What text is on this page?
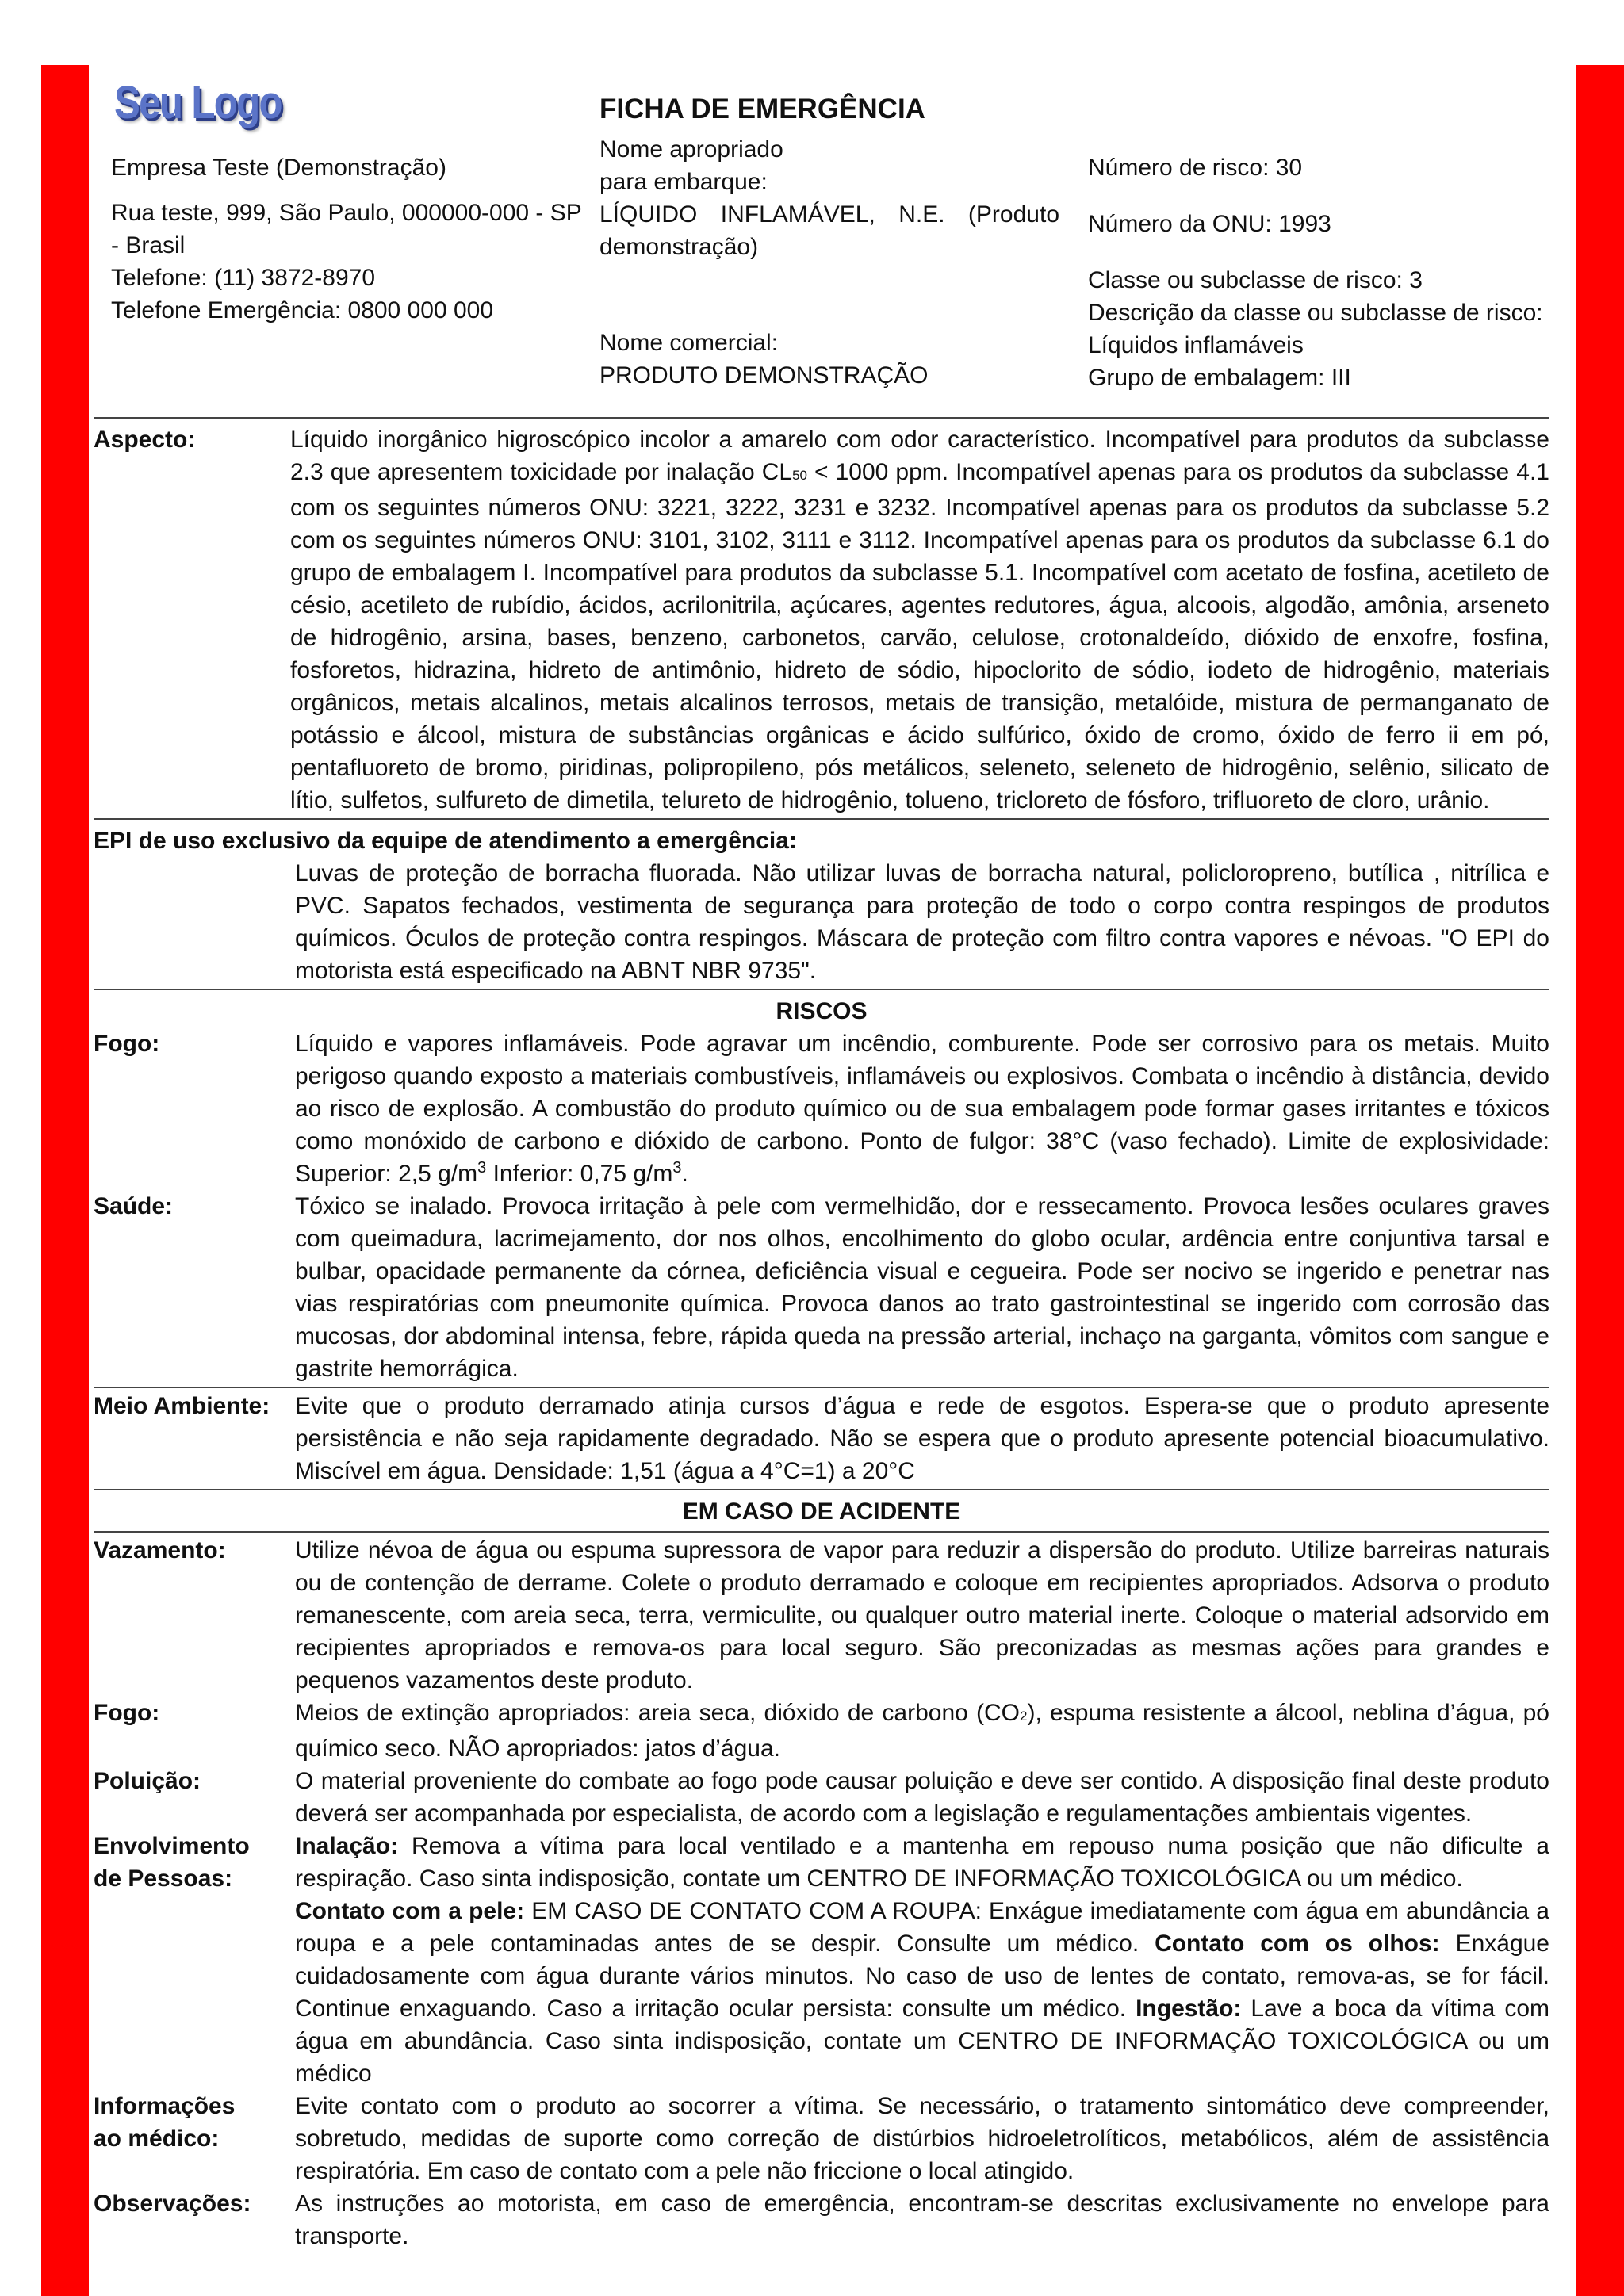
Seu Logo
Empresa Teste (Demonstração)
Rua teste, 999, São Paulo, 000000-000 - SP - Brasil
Telefone: (11) 3872-8970
Telefone Emergência: 0800 000 000
FICHA DE EMERGÊNCIA
Nome apropriado para embarque:
LÍQUIDO INFLAMÁVEL, N.E. (Produto demonstração)
Nome comercial:
PRODUTO DEMONSTRAÇÃO
Número de risco: 30
Número da ONU: 1993
Classe ou subclasse de risco: 3
Descrição da classe ou subclasse de risco: Líquidos inflamáveis
Grupo de embalagem: III
Aspecto:	Líquido inorgânico higroscópico incolor a amarelo com odor característico. Incompatível para produtos da subclasse 2.3 que apresentem toxicidade por inalação CL50 < 1000 ppm. Incompatível apenas para os produtos da subclasse 4.1 com os seguintes números ONU: 3221, 3222, 3231 e 3232. Incompatível apenas para os produtos da subclasse 5.2 com os seguintes números ONU: 3101, 3102, 3111 e 3112. Incompatível apenas para os produtos da subclasse 6.1 do grupo de embalagem I. Incompatível para produtos da subclasse 5.1. Incompatível com acetato de fosfina, acetileto de césio, acetileto de rubídio, ácidos, acrilonitrila, açúcares, agentes redutores, água, alcoois, algodão, amônia, arseneto de hidrogênio, arsina, bases, benzeno, carbonetos, carvão, celulose, crotonaldeído, dióxido de enxofre, fosfina, fosforetos, hidrazina, hidreto de antimônio, hidreto de sódio, hipoclorito de sódio, iodeto de hidrogênio, materiais orgânicos, metais alcalinos, metais alcalinos terrosos, metais de transição, metalóide, mistura de permanganato de potássio e álcool, mistura de substâncias orgânicas e ácido sulfúrico, óxido de cromo, óxido de ferro ii em pó, pentafluoreto de bromo, piridinas, polipropileno, pós metálicos, seleneto, seleneto de hidrogênio, selênio, silicato de lítio, sulfetos, sulfureto de dimetila, telureto de hidrogênio, tolueno, tricloreto de fósforo, trifluoreto de cloro, urânio.
EPI de uso exclusivo da equipe de atendimento a emergência:
Luvas de proteção de borracha fluorada. Não utilizar luvas de borracha natural, policloropreno, butílica , nitrílica e PVC. Sapatos fechados, vestimenta de segurança para proteção de todo o corpo contra respingos de produtos químicos. Óculos de proteção contra respingos. Máscara de proteção com filtro contra vapores e névoas. "O EPI do motorista está especificado na ABNT NBR 9735".
RISCOS
Fogo:	Líquido e vapores inflamáveis. Pode agravar um incêndio, comburente. Pode ser corrosivo para os metais. Muito perigoso quando exposto a materiais combustíveis, inflamáveis ou explosivos. Combata o incêndio à distância, devido ao risco de explosão. A combustão do produto químico ou de sua embalagem pode formar gases irritantes e tóxicos como monóxido de carbono e dióxido de carbono. Ponto de fulgor: 38°C (vaso fechado). Limite de explosividade: Superior: 2,5 $g/m^3$ Inferior: 0,75 $g/m^3$.
Saúde:	Tóxico se inalado. Provoca irritação à pele com vermelhidão, dor e ressecamento. Provoca lesões oculares graves com queimadura, lacrimejamento, dor nos olhos, encolhimento do globo ocular, ardência entre conjuntiva tarsal e bulbar, opacidade permanente da córnea, deficiência visual e cegueira. Pode ser nocivo se ingerido e penetrar nas vias respiratórias com pneumonite química. Provoca danos ao trato gastrointestinal se ingerido com corrosão das mucosas, dor abdominal intensa, febre, rápida queda na pressão arterial, inchaço na garganta, vômitos com sangue e gastrite hemorrágica.
Meio Ambiente:	Evite que o produto derramado atinja cursos d’água e rede de esgotos. Espera-se que o produto apresente persistência e não seja rapidamente degradado. Não se espera que o produto apresente potencial bioacumulativo. Miscível em água. Densidade: 1,51 (água a 4°C=1) a 20°C
EM CASO DE ACIDENTE
Vazamento:	Utilize névoa de água ou espuma supressora de vapor para reduzir a dispersão do produto. Utilize barreiras naturais ou de contenção de derrame. Colete o produto derramado e coloque em recipientes apropriados. Adsorva o produto remanescente, com areia seca, terra, vermiculite, ou qualquer outro material inerte. Coloque o material adsorvido em recipientes apropriados e remova-os para local seguro. São preconizadas as mesmas ações para grandes e pequenos vazamentos deste produto.
Fogo:	Meios de extinção apropriados: areia seca, dióxido de carbono (CO2), espuma resistente a álcool, neblina d’água, pó químico seco. NÃO apropriados: jatos d’água.
Poluição:	O material proveniente do combate ao fogo pode causar poluição e deve ser contido. A disposição final deste produto deverá ser acompanhada por especialista, de acordo com a legislação e regulamentações ambientais vigentes.
Envolvimento
de Pessoas:
Inalação: Remova a vítima para local ventilado e a mantenha em repouso numa posição que não dificulte a respiração. Caso sinta indisposição, contate um CENTRO DE INFORMAÇÃO TOXICOLÓGICA ou um médico.
Contato com a pele: EM CASO DE CONTATO COM A ROUPA: Enxágue imediatamente com água em abundância a roupa e a pele contaminadas antes de se despir. Consulte um médico. Contato com os olhos: Enxágue cuidadosamente com água durante vários minutos. No caso de uso de lentes de contato, remova-as, se for fácil. Continue enxaguando. Caso a irritação ocular persista: consulte um médico. Ingestão: Lave a boca da vítima com água em abundância. Caso sinta indisposição, contate um CENTRO DE INFORMAÇÃO TOXICOLÓGICA ou um médico
Informações
ao médico:
Evite contato com o produto ao socorrer a vítima. Se necessário, o tratamento sintomático deve compreender, sobretudo, medidas de suporte como correção de distúrbios hidroeletrolíticos, metabólicos, além de assistência respiratória. Em caso de contato com a pele não friccione o local atingido.
Observações:	As instruções ao motorista, em caso de emergência, encontram-se descritas exclusivamente no envelope para transporte.
